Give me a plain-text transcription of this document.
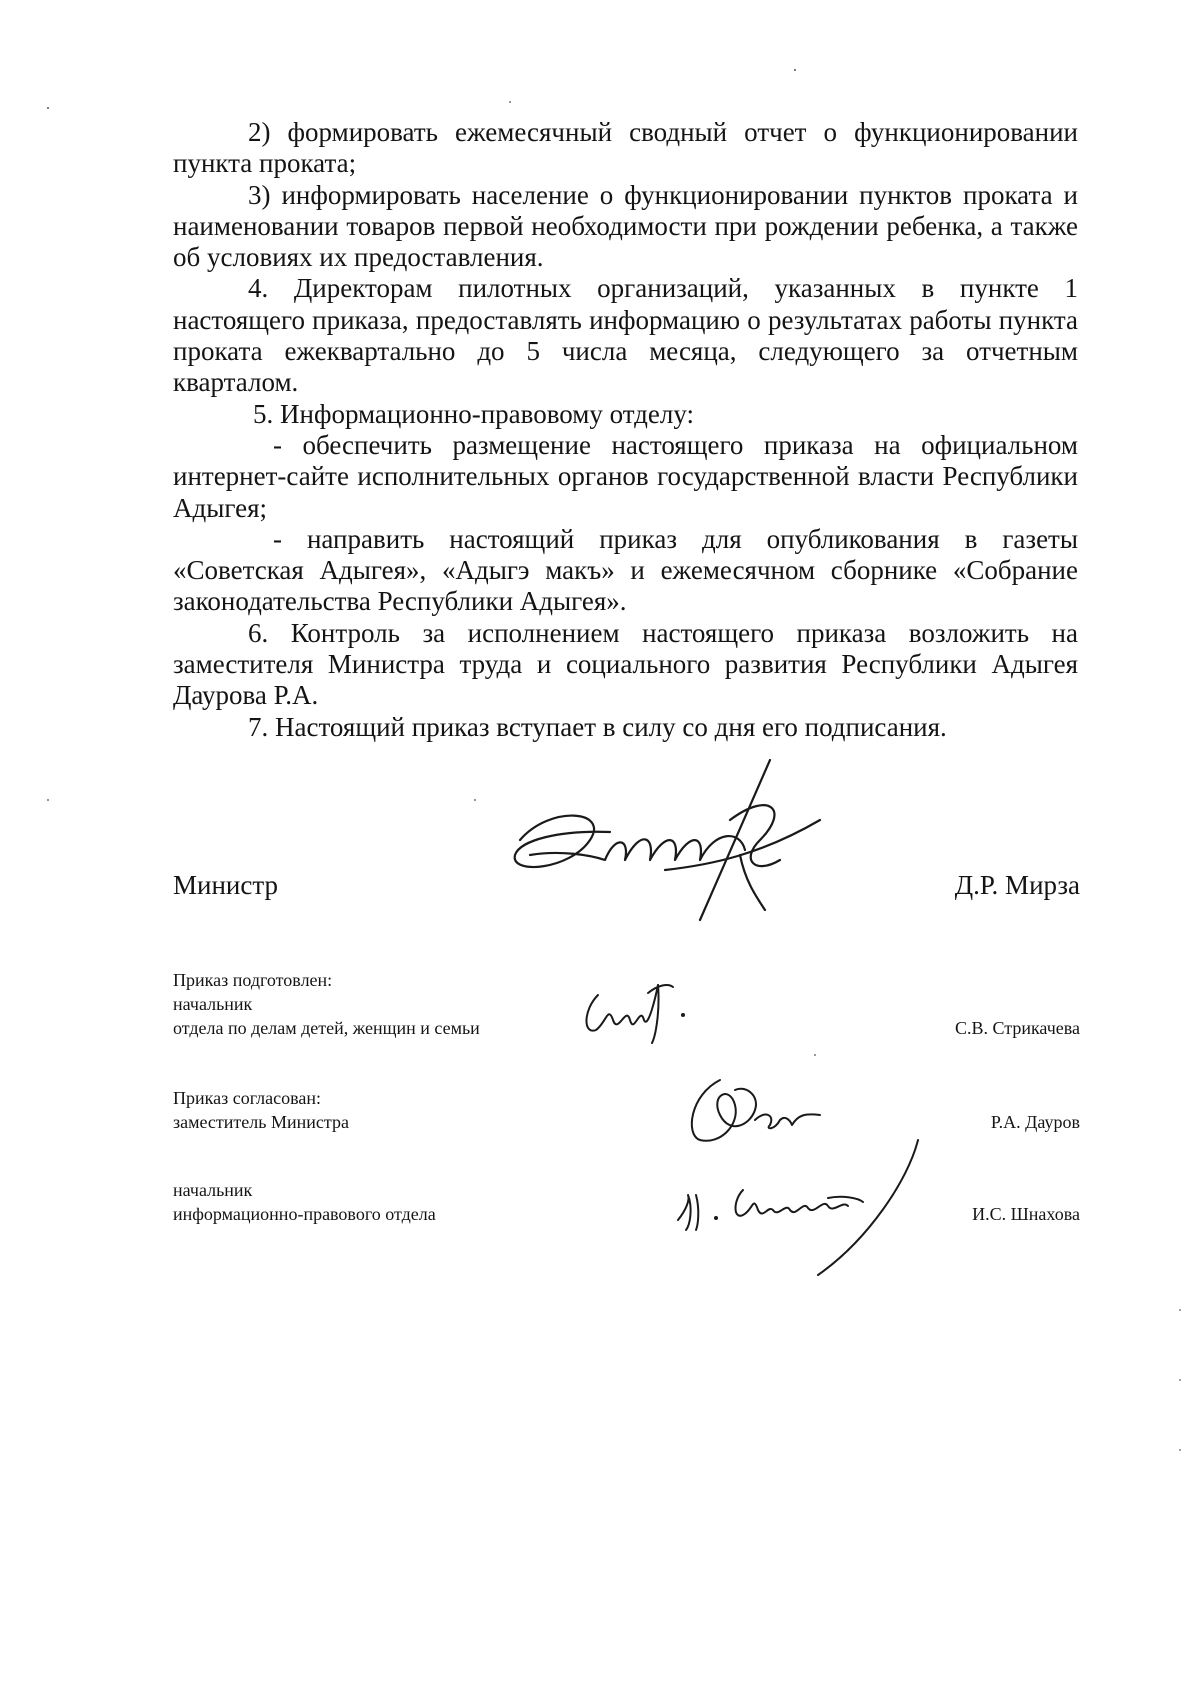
2) формировать ежемесячный сводный отчет о функционировании пункта проката;

3) информировать население о функционировании пунктов проката и наименовании товаров первой необходимости при рождении ребенка, а также об условиях их предоставления.

4. Директорам пилотных организаций, указанных в пункте 1 настоящего приказа, предоставлять информацию о результатах работы пункта проката ежеквартально до 5 числа месяца, следующего за отчетным кварталом.

5. Информационно-правовому отделу:

- обеспечить размещение настоящего приказа на официальном интернет-сайте исполнительных органов государственной власти Республики Адыгея;

- направить настоящий приказ для опубликования в газеты «Советская Адыгея», «Адыгэ макъ» и ежемесячном сборнике «Собрание законодательства Республики Адыгея».

6. Контроль за исполнением настоящего приказа возложить на заместителя Министра труда и социального развития Республики Адыгея Даурова Р.А.

7. Настоящий приказ вступает в силу со дня его подписания.

Министр	Д.Р. Мирза
Приказ подготовлен:
начальник
отдела по делам детей, женщин и семьи	С.В. Стрикачева
Приказ согласован:
заместитель Министра	Р.А. Дауров
начальник
информационно-правового отдела	И.С. Шнахова
